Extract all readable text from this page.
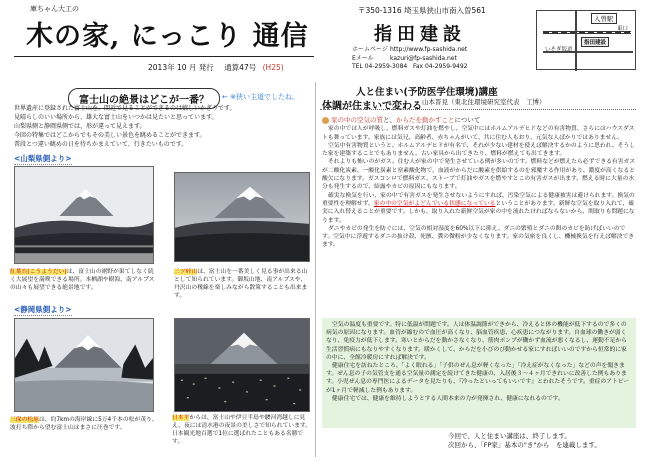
庫ちゃん大工の
木の家, にっこり 通信
2013年 10 月 発行 通算47号 (H25)
〒350-1316 埼玉県狭山市南入曽561
指田建設
ホームページ http://www.fp-sashida.net
Eメール	kazuri@fp-sashida.net
TEL 04-2959-3084 Fax 04-2959-9492
入曽駅
東口
指田建設
いそぎ坂道
富士山の絶景はどこが一番？	← ※狭い主道でしたね。
世界遺産に登録された富士山を、間近で見ることができるのは嬉しいかぎりです。
見晴らしのいい場所から、雄大な富士山をいつかは見たいと思っています。
山梨県側と静岡県側では、形が違って見えます。
今回の特集ではどこからでもその美しい景色を眺めることができます。
普段とつ違い眺めの日を待ちかまえていて、行きたいものです。
<山梨県側より>
紅葉台(こうようだい)は、富士山の裾野が果てしなく続く大展望を満喫できる場所。本栖湖や樹海、南アルプスの山々も展望できる絶景地です。
三ツ峠山は、富士山を一番美しく見る事が出来る山として知られています。御坂山地、南アルプスや、丹沢山の稜線を楽しみながら散策することも出来ます。
<静岡県側より>
三保の松原は、約7kmの海岸線に5万4千本の松が茂り、波打ち際から望む富士山はまさに圧巻です。
日本平からは、富士山や伊豆半島や駿河湾越しに見え、夜には清水港の夜景の美しさで知られています。日本観光地百選で1位に選ばれたこともある名勝です。
人と住まい(予防医学住環境)講座
体調が住まいで変わる 山本晋見（東北住環境研究室代表　工博）

家の中の空気の質と、からだを動かすことについて

家の中では人が呼吸し、燃料ガスや灯油を燃やし、空気中にはホルムアルデヒドなどの有害物質、さらにはハウスダストも舞っています。家族には気兄、高齢者、赤ちゃんがいて、共に住む人もおり、元気な人ばかりではありません。

空気中有害物質というと、ホルムアルデヒドが有名で、それが少ない建材を使えば解決するかのように思われ、そうした家を建築することでもありません。古い家具から出てきたり、燃料が燃えても出てきます。

それよりも怖いのがガス。住む人が家の中で発生させている例が多いのです。燃料などが燃えたら必ずできる有害ガスが二酸化炭素、一酸化炭素と窒素酸化物で、血液がからだに酸素を供給するのを邪魔する作用があり、濃度が高くなると酸欠になります。ガスコンロで燃料ガス、ストーブで灯油やガスを燃やすとこの有害ガスが出ます。燃える時に大量の水分も発生するので、結露やカビの原因にもなります。

確実な換気を行い、家の中で有害ガスを発生させないようにすれば、汚染空気による健康被害は避けられます。換気の重要性を理解せず、家の中の空気がよどんでいる状態になっているということがあります。新鮮な空気を取り入れて、確実に入れ替えることが重要です。しかも、取り入れた新鮮空気が家の中を流れたければならないから、間取りも問題になります。

ダニやカビの発生を防ぐには、空気の相対湿度を60%以下に抑え、ダニの繁殖とダニの餌のカビを防げばいいのです。空気中に浮遊するダニの抜け殻、死骸、糞の微粉が少なくなります。家の気密を良くし、機械換気を行えば解決できます。

空気の温度も重要です。特に低温が問題です。人は体温調節ができから、冷えると体の機能が低下するので多くの病気の原因になります。血管が縮むので血圧が高くなり、脳血管疾患、心疾患につながります。自血球の働きが弱くなり、免疫力が低下します。寒いとからだを動かさなくなり、筋肉ポンプが働かず血流が悪くなるし、運動不足から生活習慣病にもなりやすくなります。暖かくして、からだを小びのび動かせる家にすればいいのですから恒常的に家の中に、全館冷暖房にすれば解決です。

健康住宅を訪ねたところ、「よく眠れる」「子供のぜん息が軽くなった」「冷え症がなくなった」などの声を聞きます。ぜん息の子の気管支を通る空気量の測定を続けてきた健康の、入居後３～４ヶ月できれいに改善した例もあります。小児ぜん息の専門医によるデータを見たりも、『冷ったといってもいいです』とわれたそうです。重症のアトピーが1ヶ月で軽減した例もあります。

健康住宅では、健康を維持しようとする人間本来の力が発揮され、健康になれるのです。

今回で、人と住まい講座は、終了します。
次回から、「FP家」基本の"き"から　を連載します。
